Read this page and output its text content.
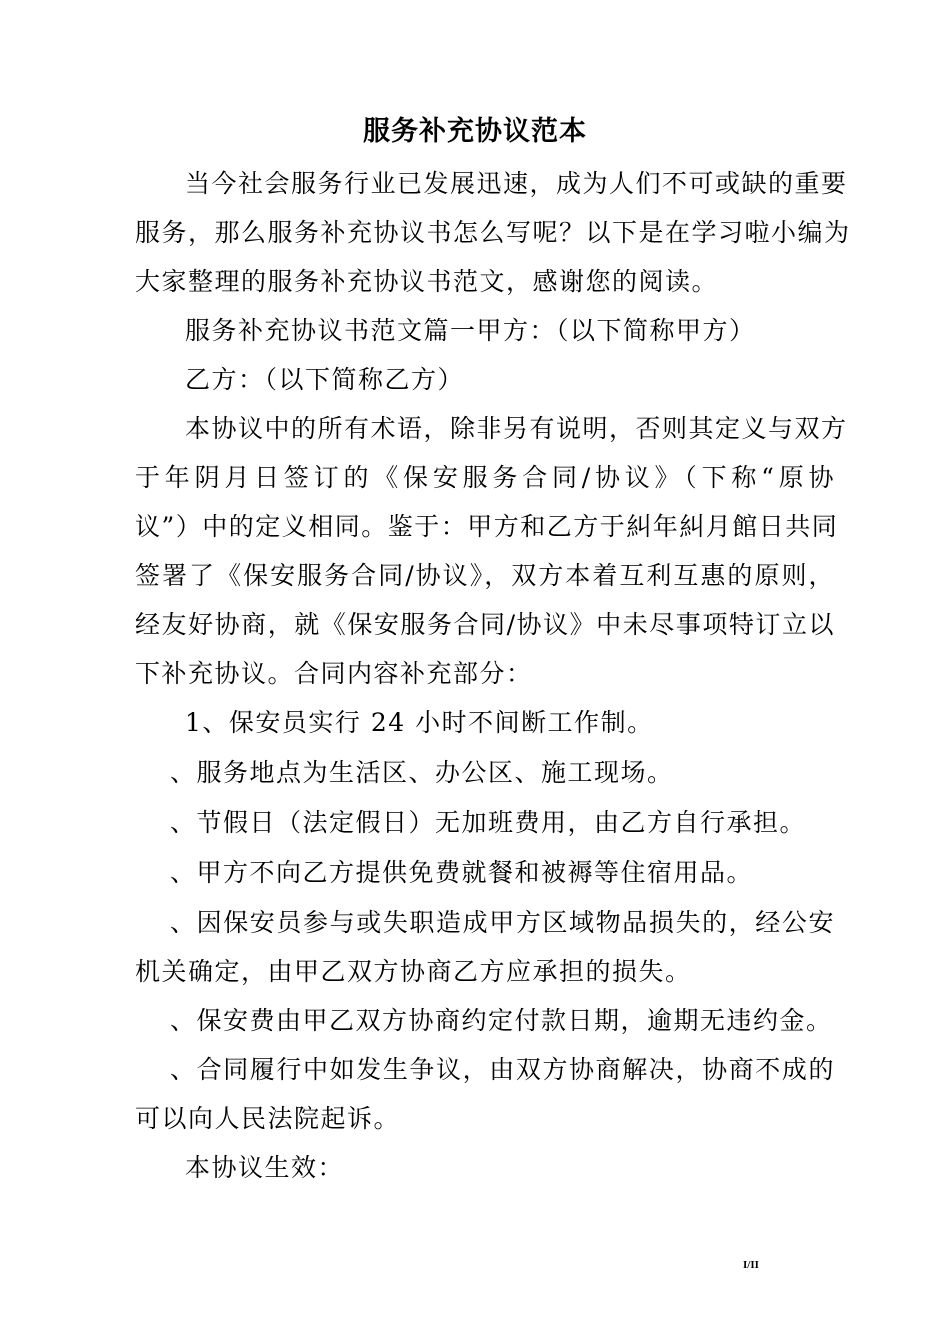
服务补充协议范本
当今社会服务行业已发展迅速，成为人们不可或缺的重要
服务，那么服务补充协议书怎么写呢？以下是在学习啦小编为
大家整理的服务补充协议书范文，感谢您的阅读。
服务补充协议书范文篇一甲方：（以下简称甲方）
乙方：（以下简称乙方）
本协议中的所有术语，除非另有说明，否则其定义与双方
于年阴月日签订的《保安服务合同/协议》（下称“原协
议”）中的定义相同。鉴于：甲方和乙方于糾年糾月館日共同
签署了《保安服务合同/协议》，双方本着互利互惠的原则，
经友好协商，就《保安服务合同/协议》中未尽事项特订立以
下补充协议。合同内容补充部分：
1、保安员实行 24 小时不间断工作制。
、服务地点为生活区、办公区、施工现场。
、节假日（法定假日）无加班费用，由乙方自行承担。
、甲方不向乙方提供免费就餐和被褥等住宿用品。
、因保安员参与或失职造成甲方区域物品损失的，经公安
机关确定，由甲乙双方协商乙方应承担的损失。
、保安费由甲乙双方协商约定付款日期，逾期无违约金。
、合同履行中如发生争议，由双方协商解决，协商不成的
可以向人民法院起诉。
本协议生效：
I/II
